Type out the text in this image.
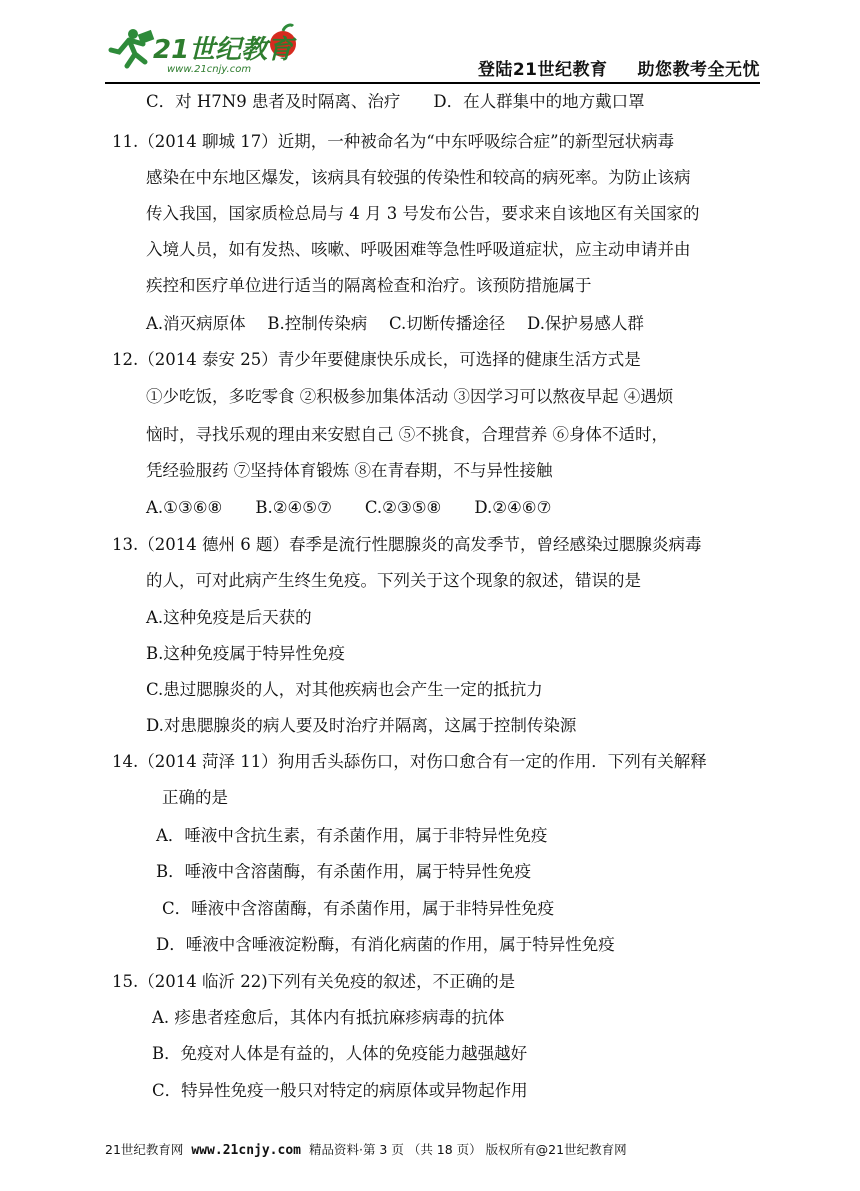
21世纪教育
www.21cnjy.com	登陆21世纪教育 助您教考全无忧
C．对 H7N9 患者及时隔离、治疗　　D．在人群集中的地方戴口罩
11.（2014 聊城 17）近期，一种被命名为“中东呼吸综合症”的新型冠状病毒
感染在中东地区爆发，该病具有较强的传染性和较高的病死率。为防止该病
传入我国，国家质检总局与 4 月 3 号发布公告，要求来自该地区有关国家的
入境人员，如有发热、咳嗽、呼吸困难等急性呼吸道症状，应主动申请并由
疾控和医疗单位进行适当的隔离检查和治疗。该预防措施属于
A.消灭病原体　 B.控制传染病　 C.切断传播途径　 D.保护易感人群
12.（2014 泰安 25）青少年要健康快乐成长，可选择的健康生活方式是
①少吃饭，多吃零食 ②积极参加集体活动 ③因学习可以熬夜早起 ④遇烦
恼时，寻找乐观的理由来安慰自己 ⑤不挑食，合理营养 ⑥身体不适时，
凭经验服药 ⑦坚持体育锻炼 ⑧在青春期，不与异性接触
A.①③⑥⑧　　B.②④⑤⑦　　C.②③⑤⑧　　D.②④⑥⑦
13.（2014 德州 6 题）春季是流行性腮腺炎的高发季节，曾经感染过腮腺炎病毒
的人，可对此病产生终生免疫。下列关于这个现象的叙述，错误的是
A.这种免疫是后天获的
B.这种免疫属于特异性免疫
C.患过腮腺炎的人，对其他疾病也会产生一定的抵抗力
D.对患腮腺炎的病人要及时治疗并隔离，这属于控制传染源
14.（2014 菏泽 11）狗用舌头舔伤口，对伤口愈合有一定的作用．下列有关解释
正确的是
A．唾液中含抗生素，有杀菌作用，属于非特异性免疫
B．唾液中含溶菌酶，有杀菌作用，属于特异性免疫
C．唾液中含溶菌酶，有杀菌作用，属于非特异性免疫
D．唾液中含唾液淀粉酶，有消化病菌的作用，属于特异性免疫
15.（2014 临沂 22)下列有关免疫的叙述，不正确的是
A. 疹患者痊愈后，其体内有抵抗麻疹病毒的抗体
B．免疫对人体是有益的，人体的免疫能力越强越好
C．特异性免疫一般只对特定的病原体或异物起作用
21世纪教育网 www.21cnjy.com 精品资料·第 3 页 （共 18 页） 版权所有@21世纪教育网
